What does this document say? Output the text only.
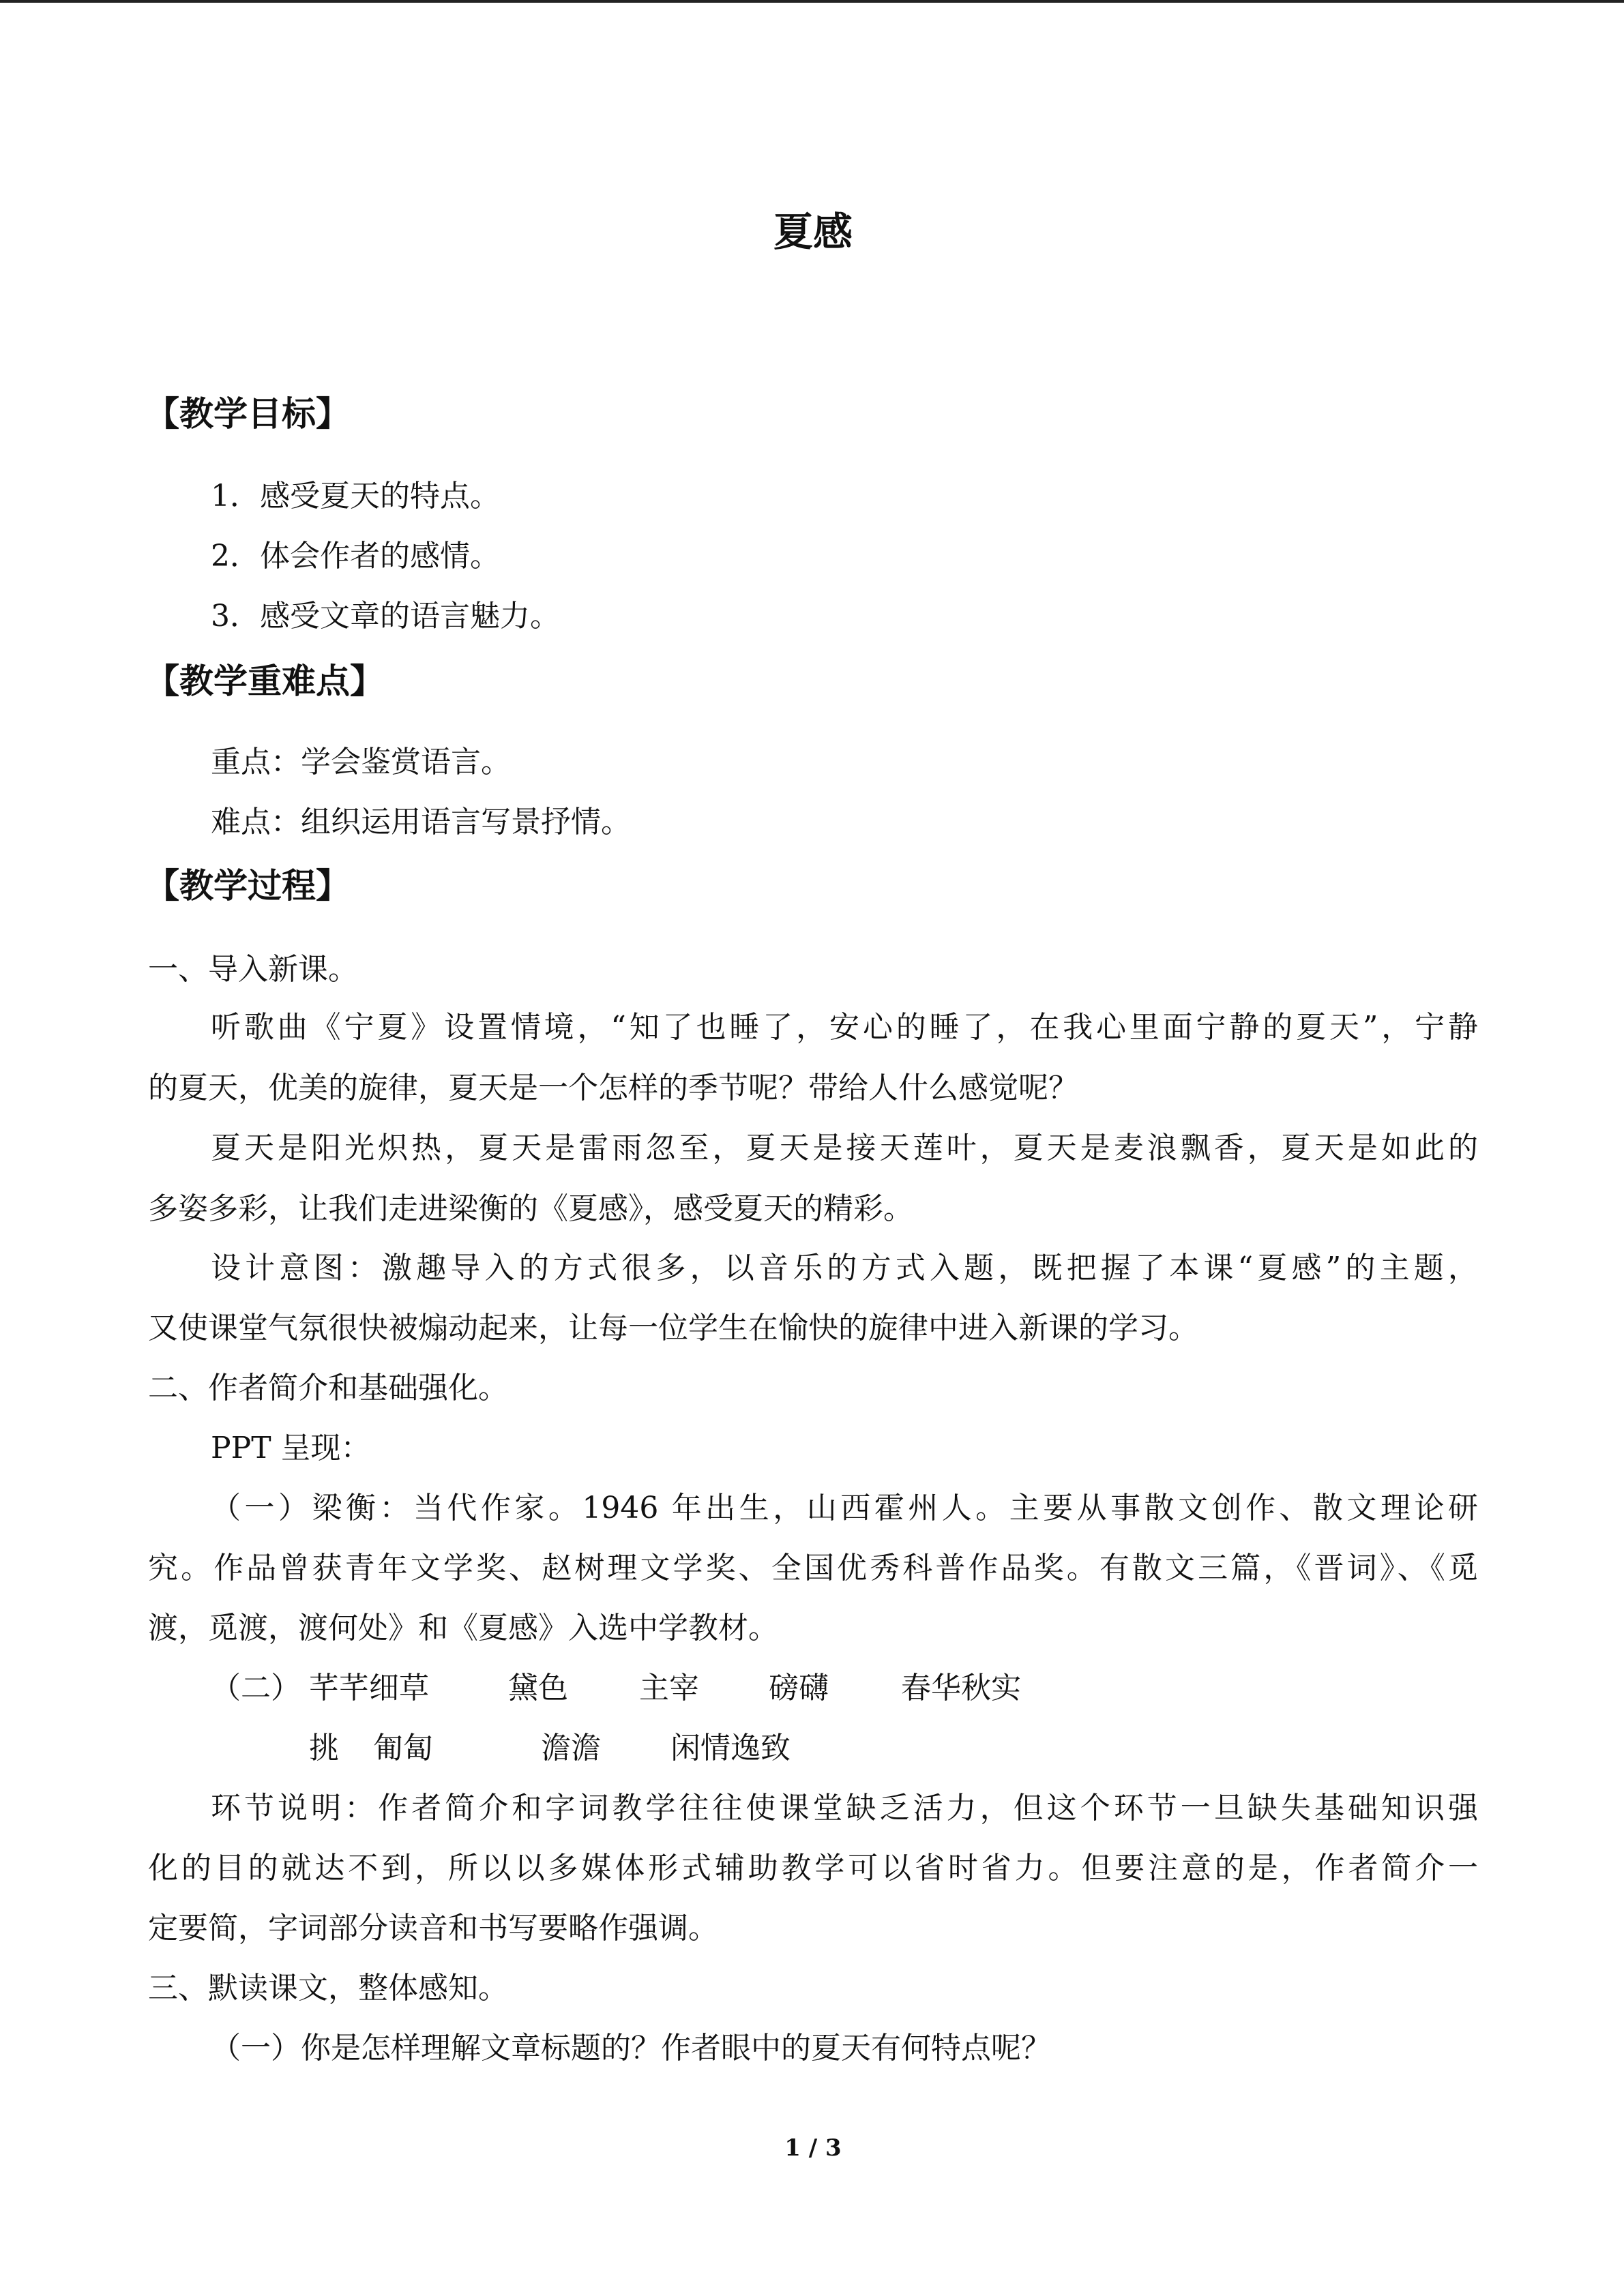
夏感
【教学目标】
1．感受夏天的特点。
2．体会作者的感情。
3．感受文章的语言魅力。
【教学重难点】
重点：学会鉴赏语言。
难点：组织运用语言写景抒情。
【教学过程】
一、导入新课。
听歌曲《宁夏》设置情境，“知了也睡了，安心的睡了，在我心里面宁静的夏天”，宁静
的夏天，优美的旋律，夏天是一个怎样的季节呢？带给人什么感觉呢？
夏天是阳光炽热，夏天是雷雨忽至，夏天是接天莲叶，夏天是麦浪飘香，夏天是如此的
多姿多彩，让我们走进梁衡的《夏感》，感受夏天的精彩。
设计意图：激趣导入的方式很多，以音乐的方式入题，既把握了本课“夏感”的主题，
又使课堂气氛很快被煽动起来，让每一位学生在愉快的旋律中进入新课的学习。
二、作者简介和基础强化。
PPT 呈现：
（一）梁衡：当代作家。1946 年出生，山西霍州人。主要从事散文创作、散文理论研
究。作品曾获青年文学奖、赵树理文学奖、全国优秀科普作品奖。有散文三篇，《晋词》、《觅
渡，觅渡，渡何处》和《夏感》入选中学教材。
（二） 芊芊细草	黛色 主宰 磅礴 春华秋实
挑 匍匐	澹澹 闲情逸致
环节说明：作者简介和字词教学往往使课堂缺乏活力，但这个环节一旦缺失基础知识强
化的目的就达不到，所以以多媒体形式辅助教学可以省时省力。但要注意的是，作者简介一
定要简，字词部分读音和书写要略作强调。
三、默读课文，整体感知。
（一）你是怎样理解文章标题的？作者眼中的夏天有何特点呢？
1 / 3
